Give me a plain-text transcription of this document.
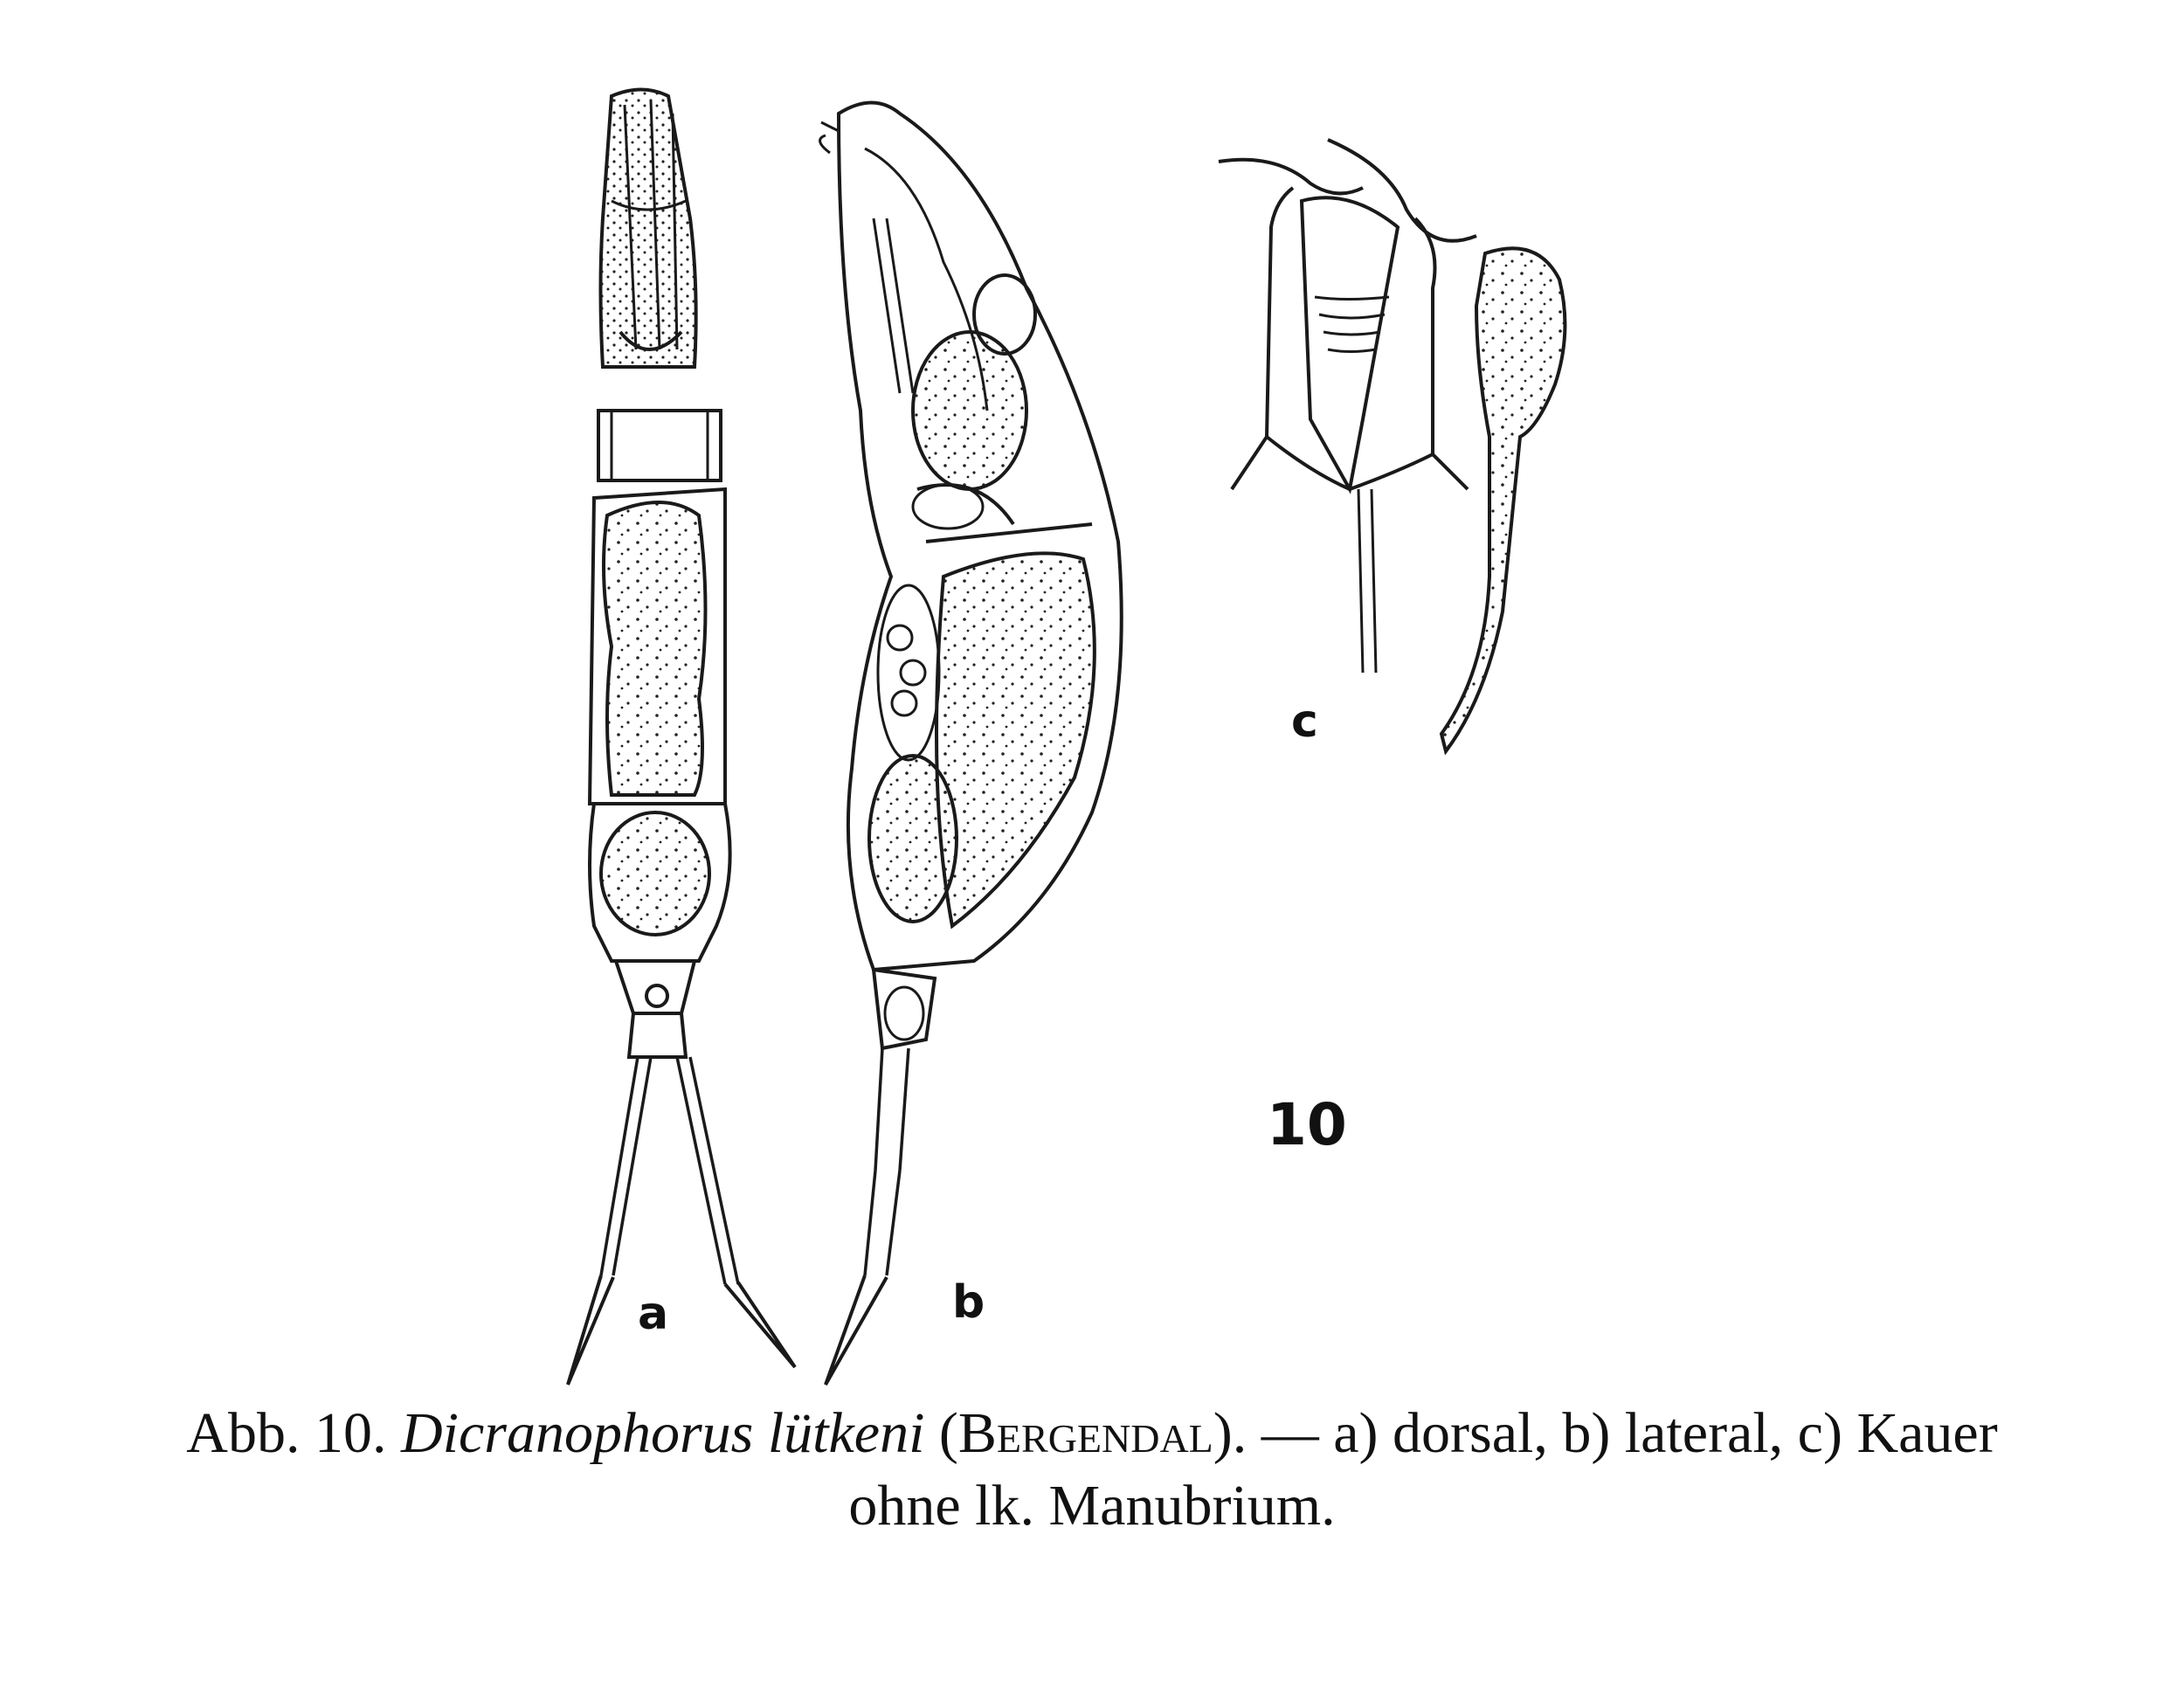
a	b
c
10
Abb. 10. Dicranophorus lütkeni (Bergendal). — a) dorsal, b) lateral, c) Kauer
ohne lk. Manubrium.
